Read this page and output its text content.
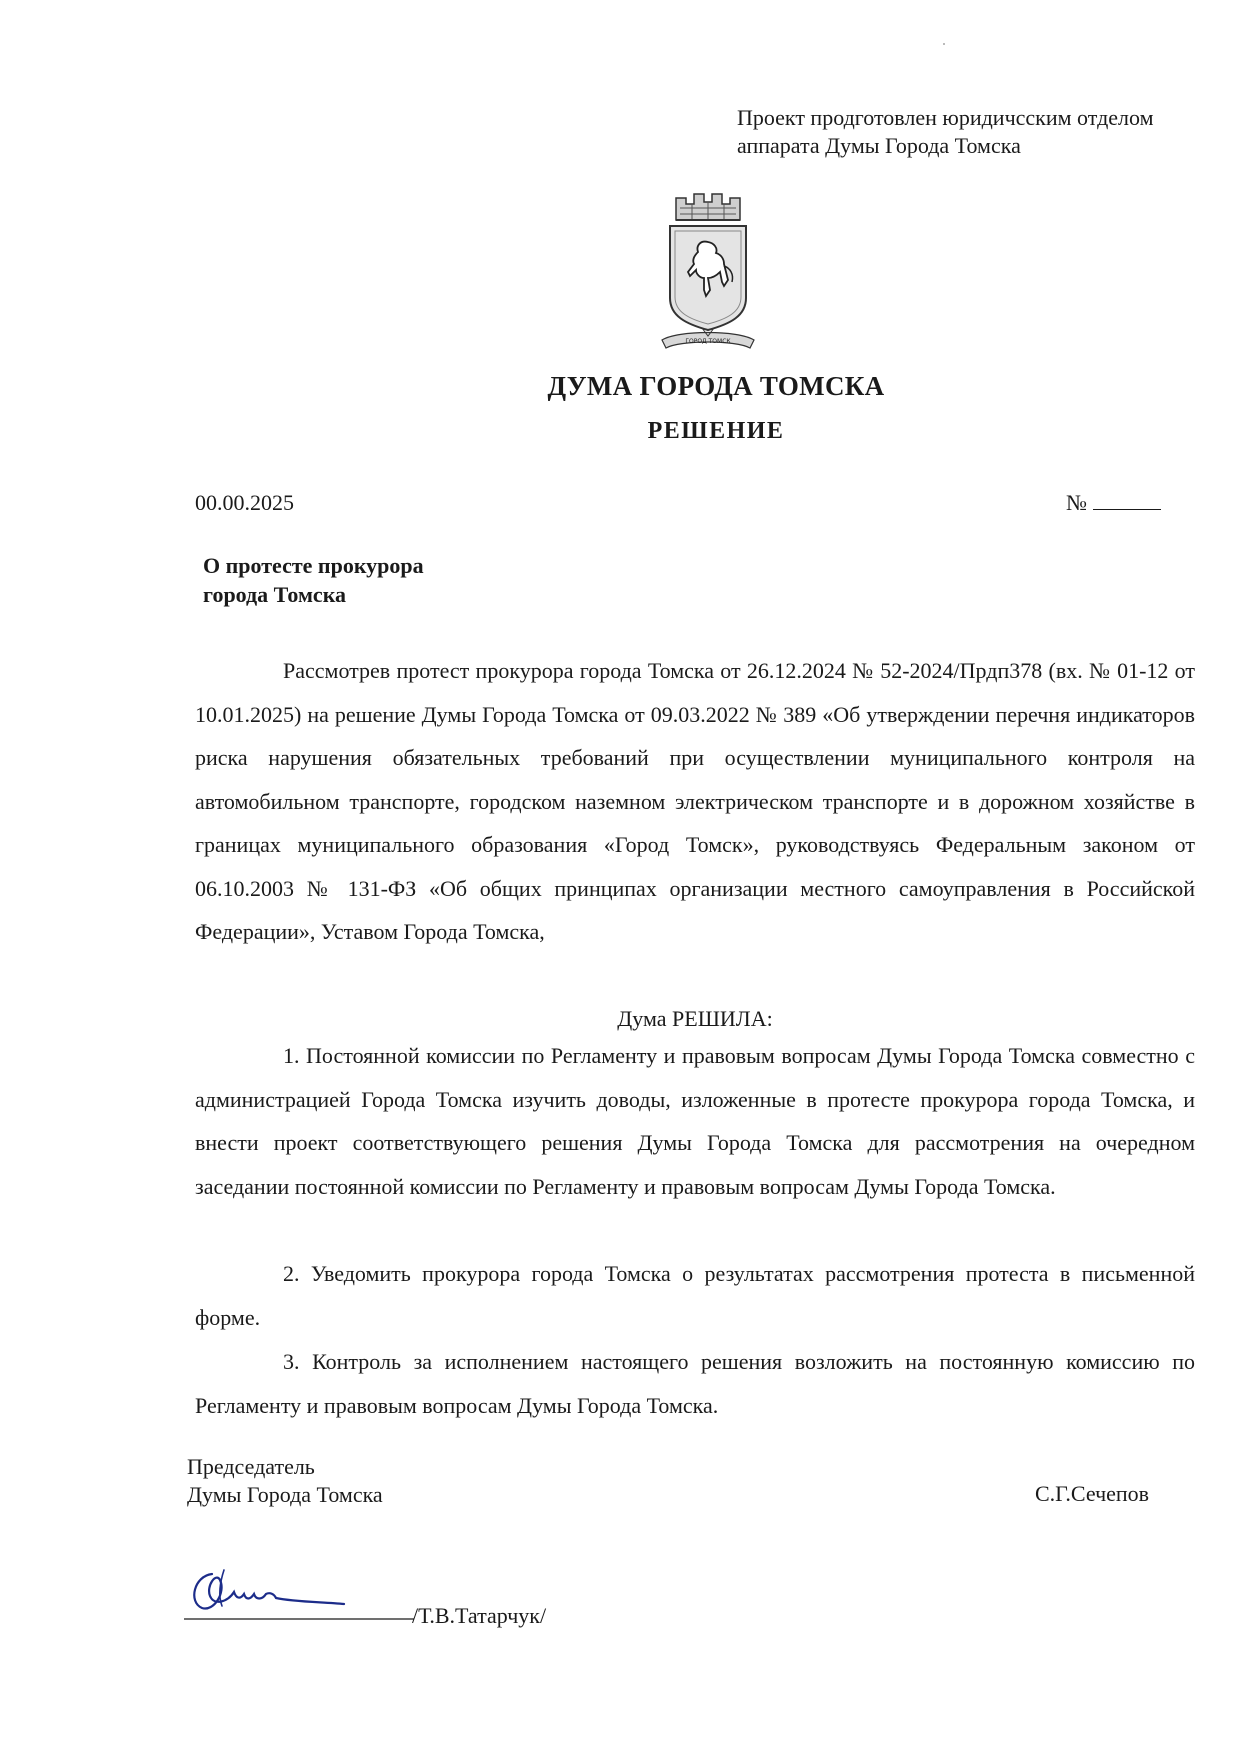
Проект продготовлен юридичсским отделом
аппарата Думы Города Томска
ГОРОД ТОМСК
ДУМА ГОРОДА ТОМСКА
РЕШЕНИЕ
00.00.2025	№
О протесте прокурора
города Томска

Рассмотрев протест прокурора города Томска от 26.12.2024 № 52-2024/Прдп378 (вх. № 01-12 от 10.01.2025) на решение Думы Города Томска от 09.03.2022 № 389 «Об утверждении перечня индикаторов риска нарушения обязательных требований при осуществлении муниципального контроля на автомобильном транспорте, городском наземном электрическом транспорте и в дорожном хозяйстве в границах муниципального образования «Город Томск», руководствуясь Федеральным законом от 06.10.2003 № 131-ФЗ «Об общих принципах организации местного самоуправления в Российской Федерации», Уставом Города Томска,

Дума РЕШИЛА:

1. Постоянной комиссии по Регламенту и правовым вопросам Думы Города Томска совместно с администрацией Города Томска изучить доводы, изложенные в протесте прокурора города Томска, и внести проект соответствующего решения Думы Города Томска для рассмотрения на очередном заседании постоянной комиссии по Регламенту и правовым вопросам Думы Города Томска.

2. Уведомить прокурора города Томска о результатах рассмотрения протеста в письменной форме.

3. Контроль за исполнением настоящего решения возложить на постоянную комиссию по Регламенту и правовым вопросам Думы Города Томска.

Председатель
Думы Города Томска	С.Г.Сечепов
/Т.В.Татарчук/
